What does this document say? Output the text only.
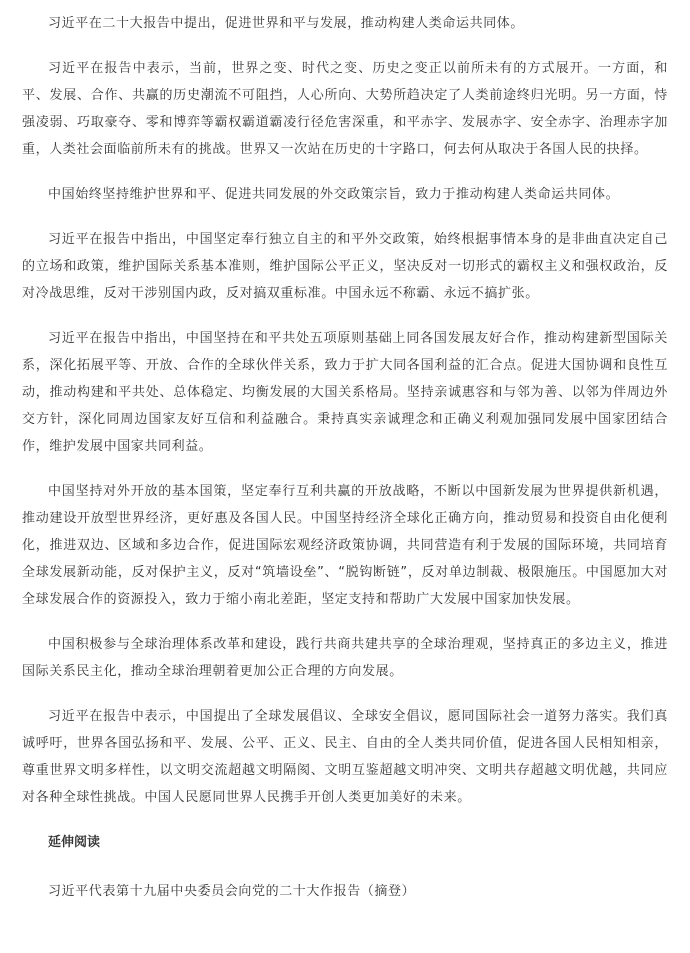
习近平在二十大报告中提出，促进世界和平与发展，推动构建人类命运共同体。

习近平在报告中表示，当前，世界之变、时代之变、历史之变正以前所未有的方式展开。一方面，和平、发展、合作、共赢的历史潮流不可阻挡，人心所向、大势所趋决定了人类前途终归光明。另一方面，恃强凌弱、巧取豪夺、零和博弈等霸权霸道霸凌行径危害深重，和平赤字、发展赤字、安全赤字、治理赤字加重，人类社会面临前所未有的挑战。世界又一次站在历史的十字路口，何去何从取决于各国人民的抉择。

中国始终坚持维护世界和平、促进共同发展的外交政策宗旨，致力于推动构建人类命运共同体。

习近平在报告中指出，中国坚定奉行独立自主的和平外交政策，始终根据事情本身的是非曲直决定自己的立场和政策，维护国际关系基本准则，维护国际公平正义，坚决反对一切形式的霸权主义和强权政治，反对冷战思维，反对干涉别国内政，反对搞双重标准。中国永远不称霸、永远不搞扩张。

习近平在报告中指出，中国坚持在和平共处五项原则基础上同各国发展友好合作，推动构建新型国际关系，深化拓展平等、开放、合作的全球伙伴关系，致力于扩大同各国利益的汇合点。促进大国协调和良性互动，推动构建和平共处、总体稳定、均衡发展的大国关系格局。坚持亲诚惠容和与邻为善、以邻为伴周边外交方针，深化同周边国家友好互信和利益融合。秉持真实亲诚理念和正确义利观加强同发展中国家团结合作，维护发展中国家共同利益。

中国坚持对外开放的基本国策，坚定奉行互利共赢的开放战略，不断以中国新发展为世界提供新机遇，推动建设开放型世界经济，更好惠及各国人民。中国坚持经济全球化正确方向，推动贸易和投资自由化便利化，推进双边、区域和多边合作，促进国际宏观经济政策协调，共同营造有利于发展的国际环境，共同培育全球发展新动能，反对保护主义，反对“筑墙设垒”、“脱钩断链”，反对单边制裁、极限施压。中国愿加大对全球发展合作的资源投入，致力于缩小南北差距，坚定支持和帮助广大发展中国家加快发展。

中国积极参与全球治理体系改革和建设，践行共商共建共享的全球治理观，坚持真正的多边主义，推进国际关系民主化，推动全球治理朝着更加公正合理的方向发展。

习近平在报告中表示，中国提出了全球发展倡议、全球安全倡议，愿同国际社会一道努力落实。我们真诚呼吁，世界各国弘扬和平、发展、公平、正义、民主、自由的全人类共同价值，促进各国人民相知相亲，尊重世界文明多样性，以文明交流超越文明隔阂、文明互鉴超越文明冲突、文明共存超越文明优越，共同应对各种全球性挑战。中国人民愿同世界人民携手开创人类更加美好的未来。

延伸阅读
习近平代表第十九届中央委员会向党的二十大作报告（摘登）
